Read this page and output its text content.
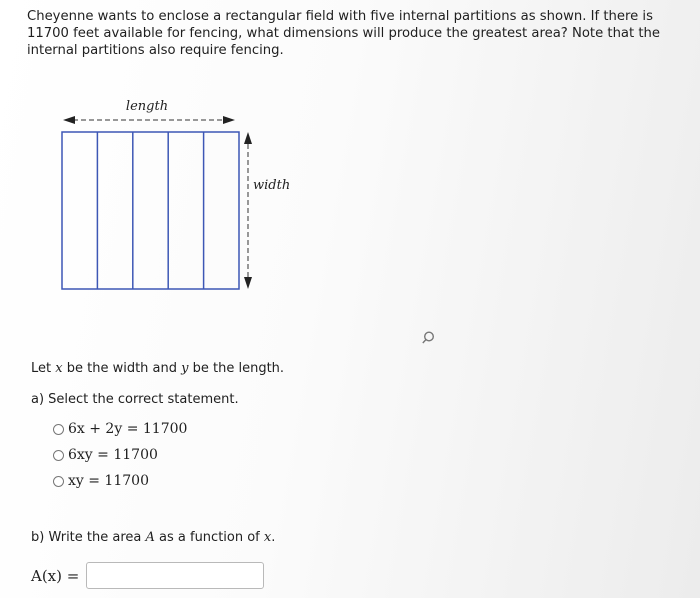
Cheyenne wants to enclose a rectangular field with five internal partitions as shown. If there is 11700 feet available for fencing, what dimensions will produce the greatest area? Note that the internal partitions also require fencing.

length
width

Let x be the width and y be the length.

a) Select the correct statement.

6x + 2y = 11700
6xy = 11700
xy = 11700

b) Write the area A as a function of x.

A(x) =
